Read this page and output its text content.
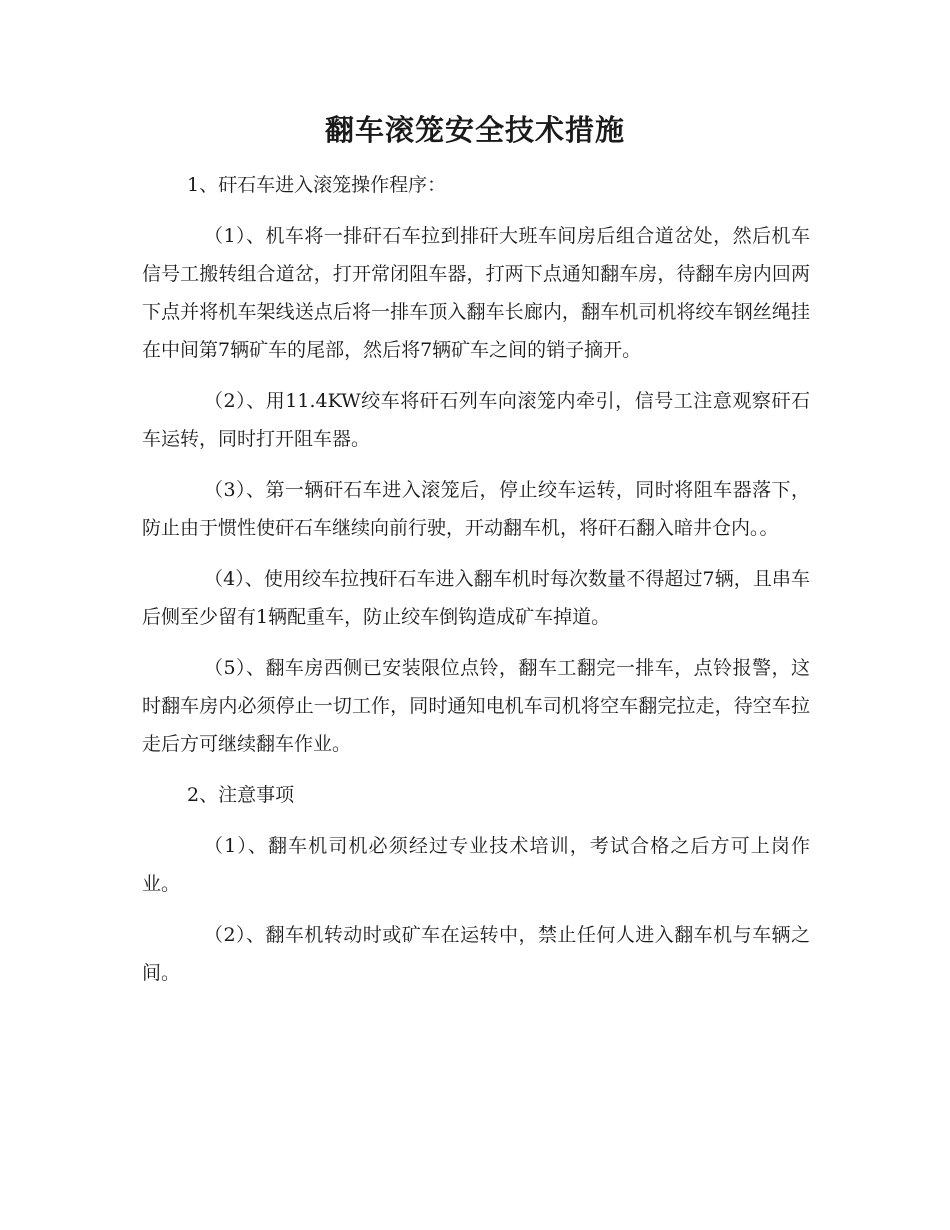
翻车滚笼安全技术措施

1、矸石车进入滚笼操作程序：

（1）、机车将一排矸石车拉到排矸大班车间房后组合道岔处，然后机车信号工搬转组合道岔，打开常闭阻车器，打两下点通知翻车房，待翻车房内回两下点并将机车架线送点后将一排车顶入翻车长廊内，翻车机司机将绞车钢丝绳挂在中间第7辆矿车的尾部，然后将7辆矿车之间的销子摘开。

（2）、用11.4KW绞车将矸石列车向滚笼内牵引，信号工注意观察矸石车运转，同时打开阻车器。

（3）、第一辆矸石车进入滚笼后，停止绞车运转，同时将阻车器落下，防止由于惯性使矸石车继续向前行驶，开动翻车机，将矸石翻入暗井仓内。。

（4）、使用绞车拉拽矸石车进入翻车机时每次数量不得超过7辆，且串车后侧至少留有1辆配重车，防止绞车倒钩造成矿车掉道。

（5）、翻车房西侧已安装限位点铃，翻车工翻完一排车，点铃报警，这时翻车房内必须停止一切工作，同时通知电机车司机将空车翻完拉走，待空车拉走后方可继续翻车作业。

2、注意事项

（1）、翻车机司机必须经过专业技术培训，考试合格之后方可上岗作业。

（2）、翻车机转动时或矿车在运转中，禁止任何人进入翻车机与车辆之间。
